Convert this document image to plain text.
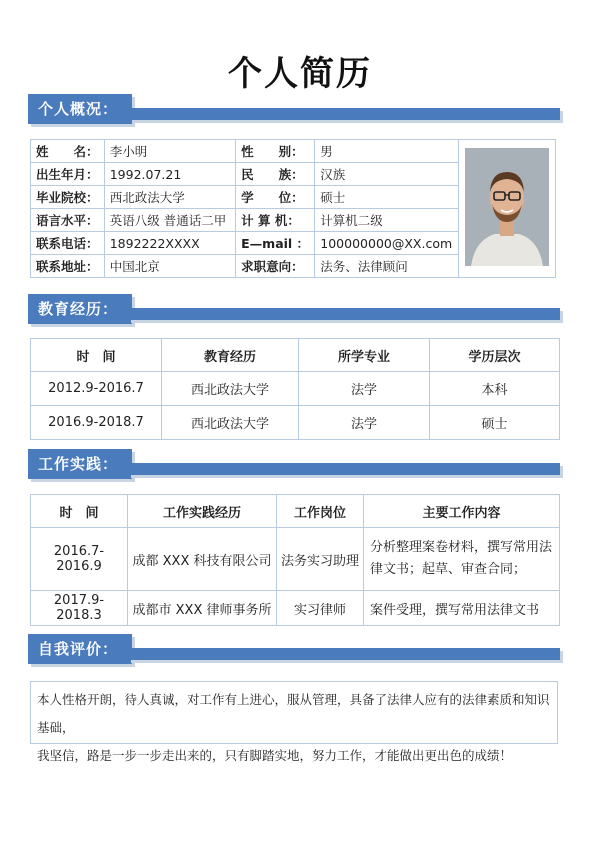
个人简历
个人概况：
姓　　名：	李小明	性　　别：	男	
出生年月：	1992.07.21	民　　族：	汉族	
毕业院校：	西北政法大学	学　　位：	硕士	
语言水平：	英语八级 普通话二甲	计 算 机：	计算机二级	
联系电话：	1892222XXXX	E—mail ：	100000000@XX.com	
联系地址：	中国北京	求职意向：	法务、法律顾问	
教育经历：
时　间	教育经历	所学专业	学历层次
2012.9-2016.7	西北政法大学	法学	本科
2016.9-2018.7	西北政法大学	法学	硕士
工作实践：
时　间	工作实践经历	工作岗位	主要工作内容
2016.7-2016.9	成都 XXX 科技有限公司	法务实习助理	分析整理案卷材料，撰写常用法律文书；起草、审查合同；
2017.9-2018.3	成都市 XXX 律师事务所	实习律师	案件受理，撰写常用法律文书
自我评价：
本人性格开朗，待人真诚，对工作有上进心，服从管理，具备了法律人应有的法律素质和知识基础，
我坚信，路是一步一步走出来的，只有脚踏实地，努力工作，才能做出更出色的成绩！
